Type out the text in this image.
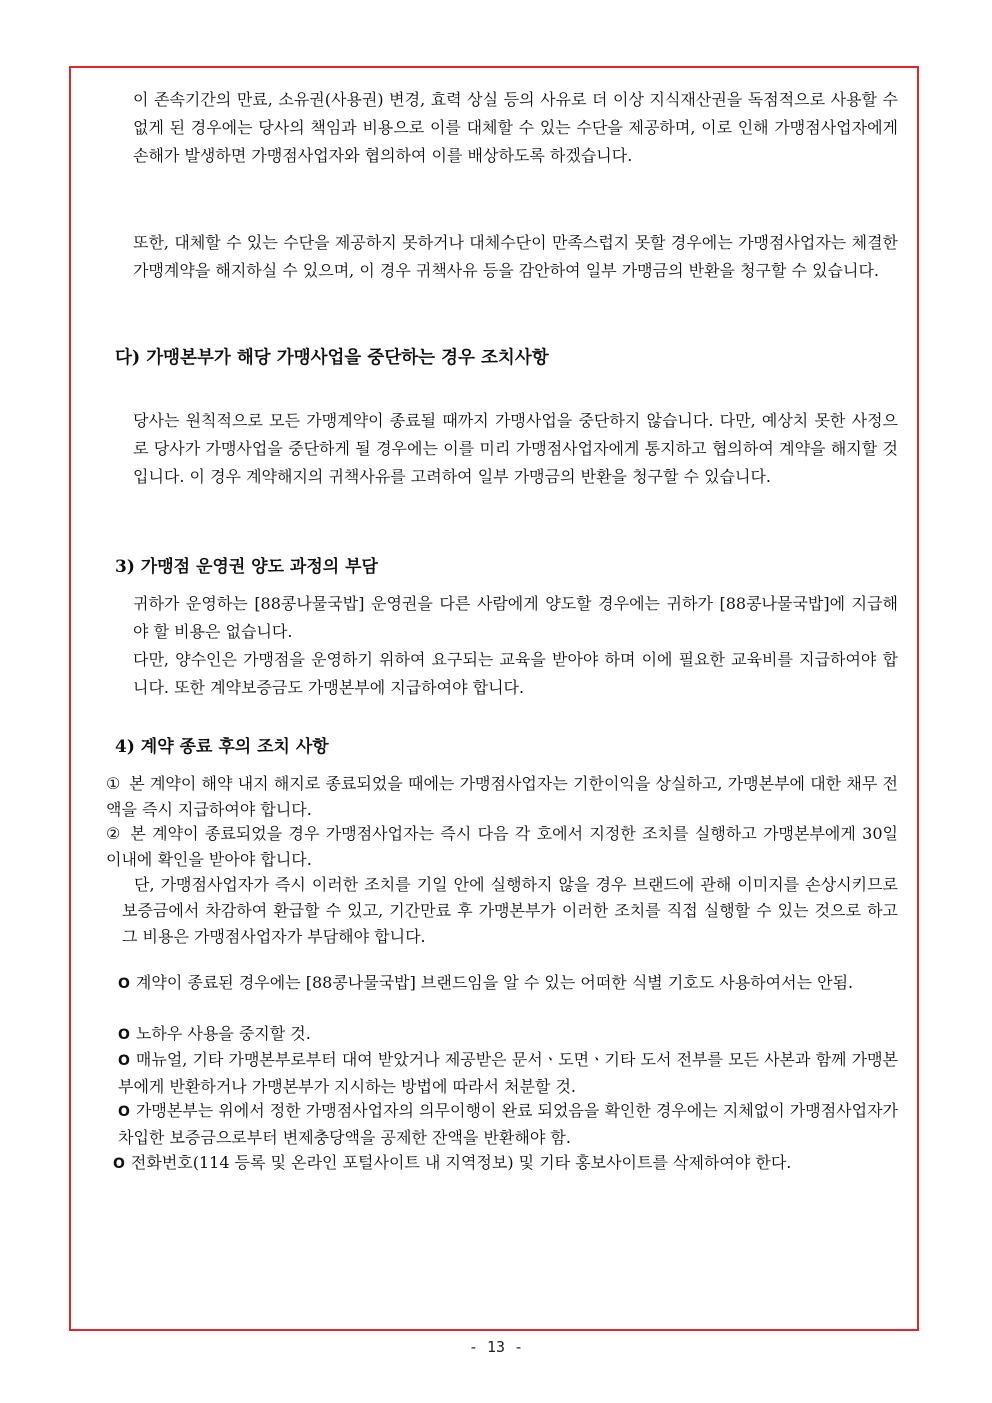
이 존속기간의 만료, 소유권(사용권) 변경, 효력 상실 등의 사유로 더 이상 지식재산권을 독점적으로 사용할 수 없게 된 경우에는 당사의 책임과 비용으로 이를 대체할 수 있는 수단을 제공하며, 이로 인해 가맹점사업자에게 손해가 발생하면 가맹점사업자와 협의하여 이를 배상하도록 하겠습니다.

또한, 대체할 수 있는 수단을 제공하지 못하거나 대체수단이 만족스럽지 못할 경우에는 가맹점사업자는 체결한 가맹계약을 해지하실 수 있으며, 이 경우 귀책사유 등을 감안하여 일부 가맹금의 반환을 청구할 수 있습니다.

다) 가맹본부가 해당 가맹사업을 중단하는 경우 조치사항

당사는 원칙적으로 모든 가맹계약이 종료될 때까지 가맹사업을 중단하지 않습니다. 다만, 예상치 못한 사정으로 당사가 가맹사업을 중단하게 될 경우에는 이를 미리 가맹점사업자에게 통지하고 협의하여 계약을 해지할 것입니다. 이 경우 계약해지의 귀책사유를 고려하여 일부 가맹금의 반환을 청구할 수 있습니다.

3) 가맹점 운영권 양도 과정의 부담

귀하가 운영하는 [88콩나물국밥] 운영권을 다른 사람에게 양도할 경우에는 귀하가 [88콩나물국밥]에 지급해야 할 비용은 없습니다.

다만, 양수인은 가맹점을 운영하기 위하여 요구되는 교육을 받아야 하며 이에 필요한 교육비를 지급하여야 합니다. 또한 계약보증금도 가맹본부에 지급하여야 합니다.

4) 계약 종료 후의 조치 사항
① 본 계약이 해약 내지 해지로 종료되었을 때에는 가맹점사업자는 기한이익을 상실하고, 가맹본부에 대한 채무 전액을 즉시 지급하여야 합니다.
② 본 계약이 종료되었을 경우 가맹점사업자는 즉시 다음 각 호에서 지정한 조치를 실행하고 가맹본부에게 30일 이내에 확인을 받아야 합니다.

단, 가맹점사업자가 즉시 이러한 조치를 기일 안에 실행하지 않을 경우 브랜드에 관해 이미지를 손상시키므로 보증금에서 차감하여 환급할 수 있고, 기간만료 후 가맹본부가 이러한 조치를 직접 실행할 수 있는 것으로 하고 그 비용은 가맹점사업자가 부담해야 합니다.

O 계약이 종료된 경우에는 [88콩나물국밥] 브랜드임을 알 수 있는 어떠한 식별 기호도 사용하여서는 안됨.
O 노하우 사용을 중지할 것.
O 매뉴얼, 기타 가맹본부로부터 대여 받았거나 제공받은 문서ㆍ도면ㆍ기타 도서 전부를 모든 사본과 함께 가맹본부에게 반환하거나 가맹본부가 지시하는 방법에 따라서 처분할 것.
O 가맹본부는 위에서 정한 가맹점사업자의 의무이행이 완료 되었음을 확인한 경우에는 지체없이 가맹점사업자가 차입한 보증금으로부터 변제충당액을 공제한 잔액을 반환해야 함.
O 전화번호(114 등록 및 온라인 포털사이트 내 지역정보) 및 기타 홍보사이트를 삭제하여야 한다.
- 13 -
